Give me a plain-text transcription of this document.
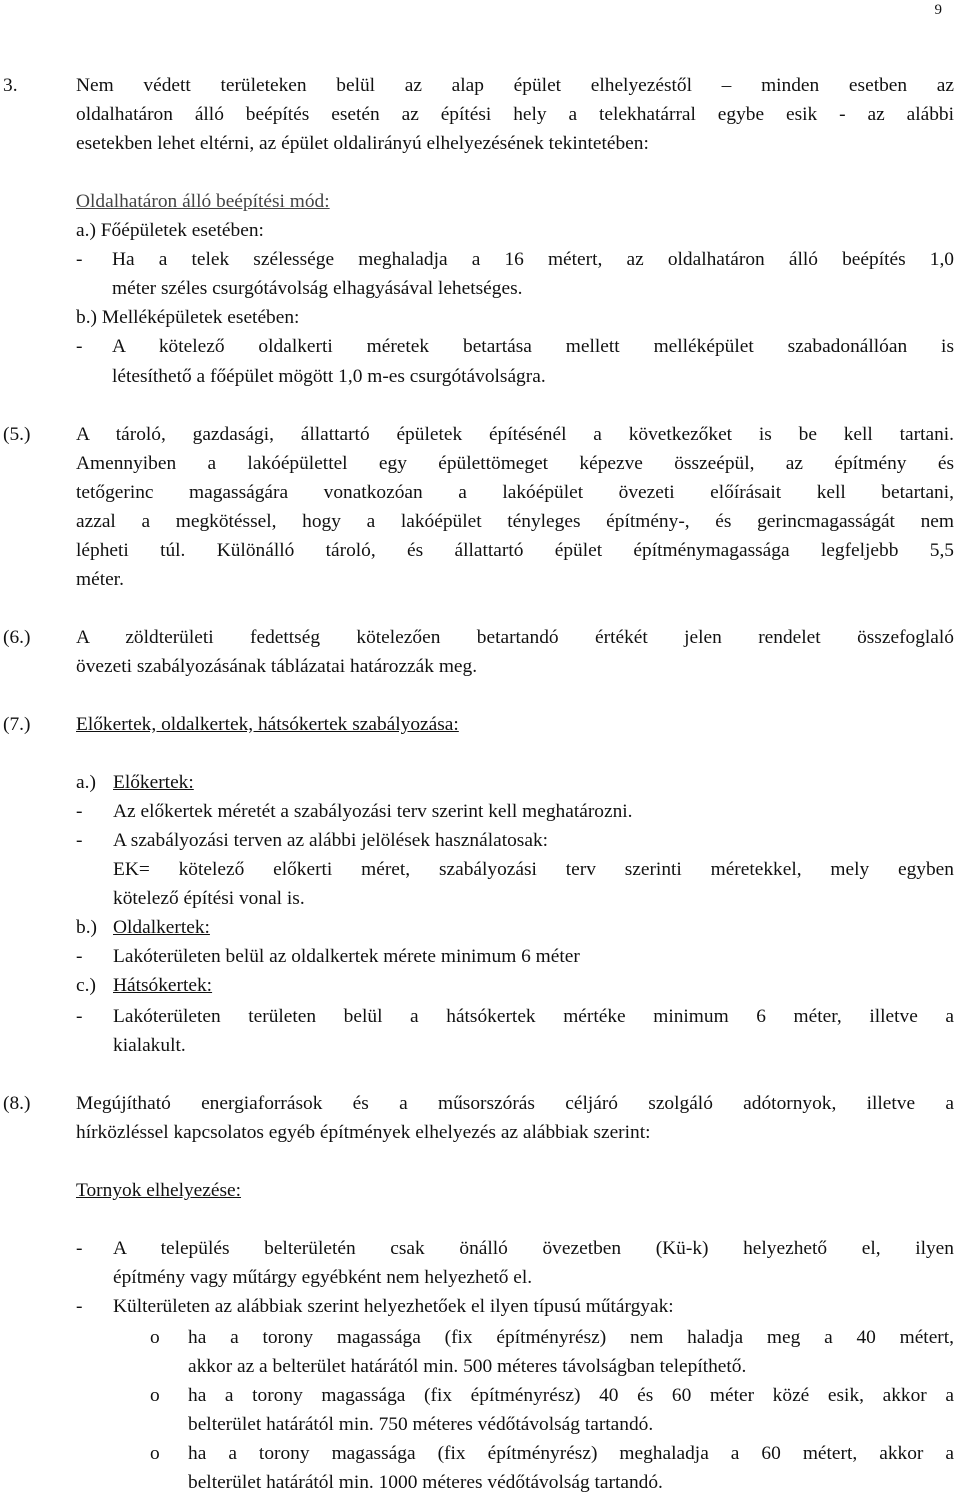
9
3.	Nem védett területeken belül az alap épület elhelyezéstől – minden esetben az
oldalhatáron álló beépítés esetén az építési hely a telekhatárral egybe esik - az alábbi
esetekben lehet eltérni, az épület oldalirányú elhelyezésének tekintetében:
Oldalhatáron álló beépítési mód:
a.) Főépületek esetében:
- Ha a telek szélessége meghaladja a 16 métert, az oldalhatáron álló beépítés 1,0
méter széles csurgótávolság elhagyásával lehetséges.
b.) Melléképületek esetében:
- A kötelező oldalkerti méretek betartása mellett melléképület szabadonállóan is
létesíthető a főépület mögött 1,0 m-es csurgótávolságra.
(5.) A tároló, gazdasági, állattartó épületek építésénél a következőket is be kell tartani.
Amennyiben a lakóépülettel egy épülettömeget képezve összeépül, az építmény és
tetőgerinc magasságára vonatkozóan a lakóépület övezeti előírásait kell betartani,
azzal a megkötéssel, hogy a lakóépület tényleges építmény-, és gerincmagasságát nem
lépheti túl. Különálló tároló, és állattartó épület építménymagassága legfeljebb 5,5
méter.
(6.) A zöldterületi fedettség kötelezően betartandó értékét jelen rendelet összefoglaló
övezeti szabályozásának táblázatai határozzák meg.
(7.) Előkertek, oldalkertek, hátsókertek szabályozása:
a.) Előkertek:
- Az előkertek méretét a szabályozási terv szerint kell meghatározni.
- A szabályozási terven az alábbi jelölések használatosak:
EK= kötelező előkerti méret, szabályozási terv szerinti méretekkel, mely egyben
kötelező építési vonal is.
b.) Oldalkertek:
- Lakóterületen belül az oldalkertek mérete minimum 6 méter
c.) Hátsókertek:
- Lakóterületen területen belül a hátsókertek mértéke minimum 6 méter, illetve a
kialakult.
(8.) Megújítható energiaforrások és a műsorszórás céljáró szolgáló adótornyok, illetve a
hírközléssel kapcsolatos egyéb építmények elhelyezés az alábbiak szerint:
Tornyok elhelyezése:
- A település belterületén csak önálló övezetben (Kü-k) helyezhető el, ilyen
építmény vagy műtárgy egyébként nem helyezhető el.
- Külterületen az alábbiak szerint helyezhetőek el ilyen típusú műtárgyak:
o ha a torony magassága (fix építményrész) nem haladja meg a 40 métert,
akkor az a belterület határától min. 500 méteres távolságban telepíthető.
o ha a torony magassága (fix építményrész) 40 és 60 méter közé esik, akkor a
belterület határától min. 750 méteres védőtávolság tartandó.
o ha a torony magassága (fix építményrész) meghaladja a 60 métert, akkor a
belterület határától min. 1000 méteres védőtávolság tartandó.
